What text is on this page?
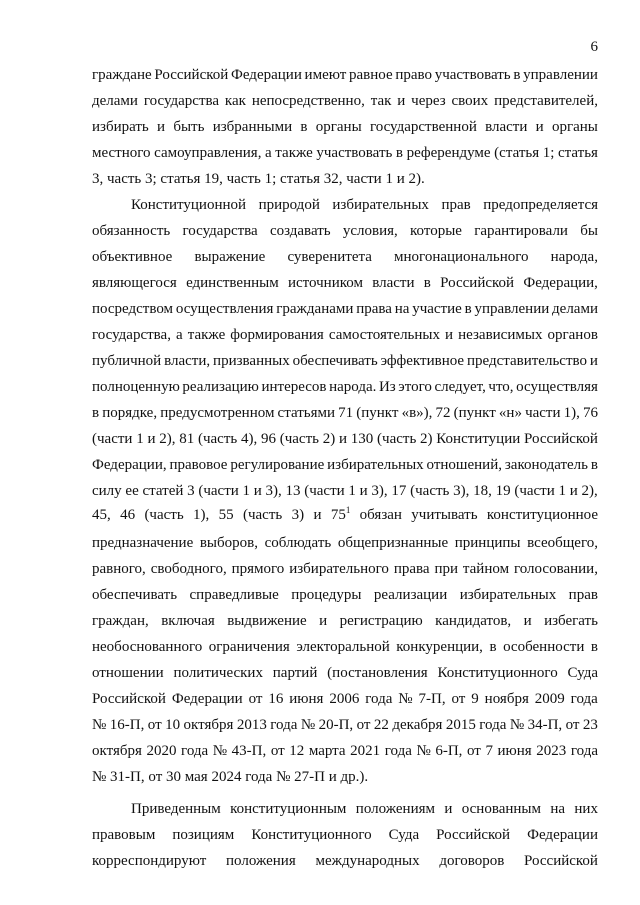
6
граждане Российской Федерации имеют равное право участвовать в управлении
делами государства как непосредственно, так и через своих представителей,
избирать и быть избранными в органы государственной власти и органы
местного самоуправления, а также участвовать в референдуме (статья 1; статья
3, часть 3; статья 19, часть 1; статья 32, части 1 и 2).
Конституционной природой избирательных прав предопределяется
обязанность государства создавать условия, которые гарантировали бы
объективное выражение суверенитета многонационального народа,
являющегося единственным источником власти в Российской Федерации,
посредством осуществления гражданами права на участие в управлении делами
государства, а также формирования самостоятельных и независимых органов
публичной власти, призванных обеспечивать эффективное представительство и
полноценную реализацию интересов народа. Из этого следует, что, осуществляя
в порядке, предусмотренном статьями 71 (пункт «в»), 72 (пункт «н» части 1), 76
(части 1 и 2), 81 (часть 4), 96 (часть 2) и 130 (часть 2) Конституции Российской
Федерации, правовое регулирование избирательных отношений, законодатель в
силу ее статей 3 (части 1 и 3), 13 (части 1 и 3), 17 (часть 3), 18, 19 (части 1 и 2),
45, 46 (часть 1), 55 (часть 3) и $75^1$ обязан учитывать конституционное
предназначение выборов, соблюдать общепризнанные принципы всеобщего,
равного, свободного, прямого избирательного права при тайном голосовании,
обеспечивать справедливые процедуры реализации избирательных прав
граждан, включая выдвижение и регистрацию кандидатов, и избегать
необоснованного ограничения электоральной конкуренции, в особенности в
отношении политических партий (постановления Конституционного Суда
Российской Федерации от 16 июня 2006 года № 7-П, от 9 ноября 2009 года
№ 16-П, от 10 октября 2013 года № 20-П, от 22 декабря 2015 года № 34-П, от 23
октября 2020 года № 43-П, от 12 марта 2021 года № 6-П, от 7 июня 2023 года
№ 31-П, от 30 мая 2024 года № 27-П и др.).
Приведенным конституционным положениям и основанным на них
правовым позициям Конституционного Суда Российской Федерации
корреспондируют положения международных договоров Российской
